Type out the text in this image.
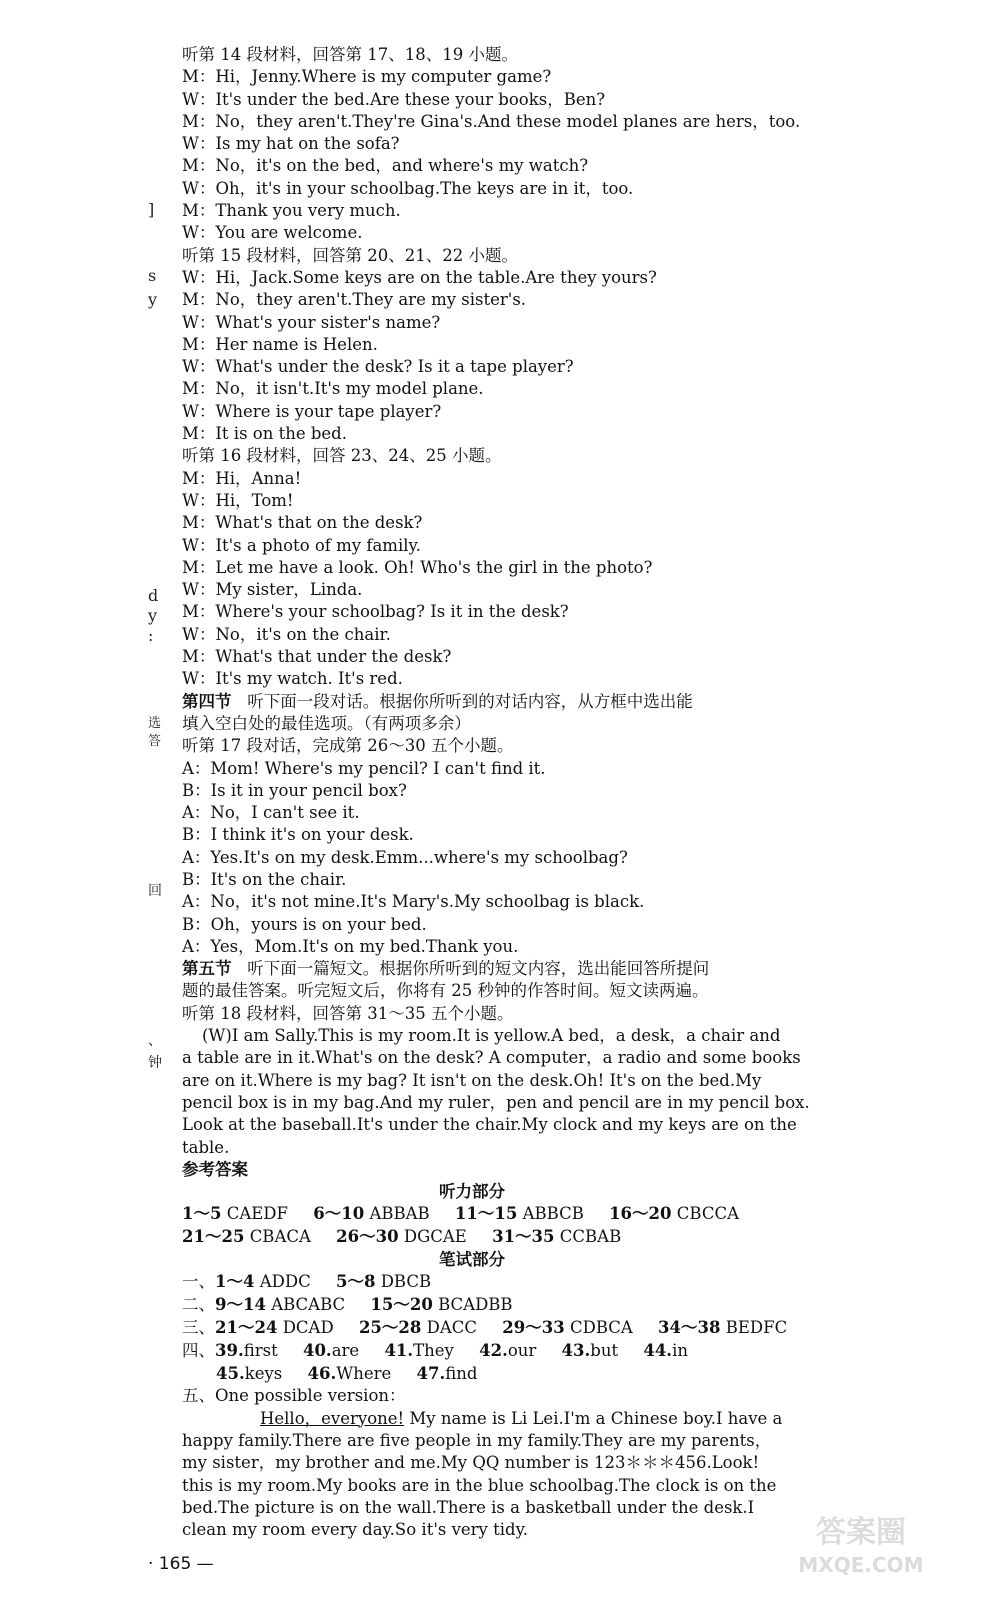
]
s
y
d
y
:
选
答
回
、
钟
听第 14 段材料，回答第 17、18、19 小题。
M：Hi，Jenny.Where is my computer game?
W：It's under the bed.Are these your books，Ben?
M：No，they aren't.They're Gina's.And these model planes are hers，too.
W：Is my hat on the sofa?
M：No，it's on the bed，and where's my watch?
W：Oh，it's in your schoolbag.The keys are in it，too.
M：Thank you very much.
W：You are welcome.
听第 15 段材料，回答第 20、21、22 小题。
W：Hi，Jack.Some keys are on the table.Are they yours?
M：No，they aren't.They are my sister's.
W：What's your sister's name?
M：Her name is Helen.
W：What's under the desk? Is it a tape player?
M：No，it isn't.It's my model plane.
W：Where is your tape player?
M：It is on the bed.
听第 16 段材料，回答 23、24、25 小题。
M：Hi，Anna!
W：Hi，Tom!
M：What's that on the desk?
W：It's a photo of my family.
M：Let me have a look. Oh! Who's the girl in the photo?
W：My sister，Linda.
M：Where's your schoolbag? Is it in the desk?
W：No，it's on the chair.
M：What's that under the desk?
W：It's my watch. It's red.
第四节 听下面一段对话。根据你所听到的对话内容，从方框中选出能
填入空白处的最佳选项。（有两项多余）
听第 17 段对话，完成第 26～30 五个小题。
A：Mom! Where's my pencil? I can't find it.
B：Is it in your pencil box?
A：No，I can't see it.
B：I think it's on your desk.
A：Yes.It's on my desk.Emm...where's my schoolbag?
B：It's on the chair.
A：No，it's not mine.It's Mary's.My schoolbag is black.
B：Oh，yours is on your bed.
A：Yes，Mom.It's on my bed.Thank you.
第五节 听下面一篇短文。根据你所听到的短文内容，选出能回答所提问
题的最佳答案。听完短文后，你将有 25 秒钟的作答时间。短文读两遍。
听第 18 段材料，回答第 31～35 五个小题。
(W)I am Sally.This is my room.It is yellow.A bed，a desk，a chair and
a table are in it.What's on the desk? A computer，a radio and some books
are on it.Where is my bag? It isn't on the desk.Oh! It's on the bed.My
pencil box is in my bag.And my ruler，pen and pencil are in my pencil box.
Look at the baseball.It's under the chair.My clock and my keys are on the
table.
参考答案
听力部分
1～5 CAEDF 6～10 ABBAB 11～15 ABBCB 16～20 CBCCA
21～25 CBACA 26～30 DGCAE 31～35 CCBAB
笔试部分
一、1～4 ADDC 5～8 DBCB
二、9～14 ABCABC 15～20 BCADBB
三、21～24 DCAD 25～28 DACC 29～33 CDBCA 34～38 BEDFC
四、39.first 40.are 41.They 42.our 43.but 44.in
45.keys 46.Where 47.find
五、One possible version：
Hello，everyone! My name is Li Lei.I'm a Chinese boy.I have a
happy family.There are five people in my family.They are my parents，
my sister，my brother and me.My QQ number is 123＊＊＊456.Look!
this is my room.My books are in the blue schoolbag.The clock is on the
bed.The picture is on the wall.There is a basketball under the desk.I
clean my room every day.So it's very tidy.
· 165 —
答案圈
MXQE.COM
